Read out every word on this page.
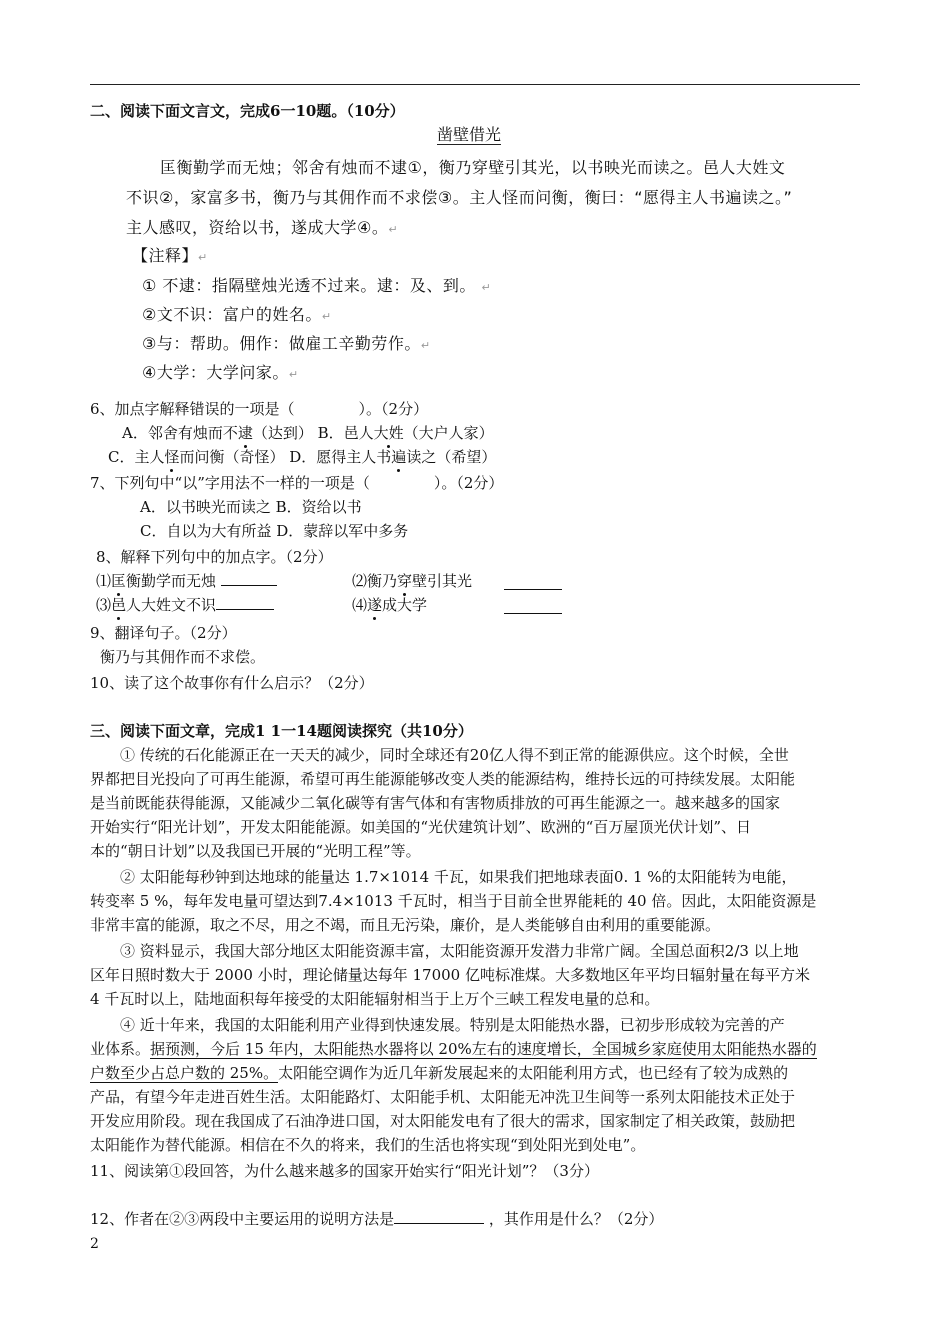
二、阅读下面文言文，完成6一10题。（10分）
凿壁借光
匡衡勤学而无烛；邻舍有烛而不逮①，衡乃穿壁引其光，以书映光而读之。邑人大姓文
不识②，家富多书，衡乃与其佣作而不求偿③。主人怪而问衡，衡曰：“愿得主人书遍读之。”
主人感叹，资给以书，遂成大学④。↵
【注释】↵
① 不逮：指隔壁烛光透不过来。逮：及、到。 ↵
②文不识：富户的姓名。↵
③与：帮助。佣作：做雇工辛勤劳作。↵
④大学：大学问家。↵
6、加点字解释错误的一项是（	）。（2分）
A．邻舍有烛而不逮（达到） B．邑人大姓（大户人家）
C．主人怪而问衡（奇怪） D．愿得主人书遍读之（希望）
7、下列句中“以”字用法不一样的一项是（	）。（2分）
A．以书映光而读之 B．资给以书
C．自以为大有所益 D．蒙辞以军中多务
8、解释下列句中的加点字。（2分）
⑴匡衡勤学而无烛	⑵衡乃穿壁引其光
⑶邑人大姓文不识	⑷遂成大学
9、翻译句子。（2分）
衡乃与其佣作而不求偿。
10、读了这个故事你有什么启示？（2分）
三、阅读下面文章，完成1 1一14题阅读探究（共10分）
① 传统的石化能源正在一天天的减少，同时全球还有20亿人得不到正常的能源供应。这个时候，全世
界都把目光投向了可再生能源，希望可再生能源能够改变人类的能源结构，维持长远的可持续发展。太阳能
是当前既能获得能源，又能减少二氧化碳等有害气体和有害物质排放的可再生能源之一。越来越多的国家
开始实行“阳光计划”，开发太阳能能源。如美国的“光伏建筑计划”、欧洲的“百万屋顶光伏计划”、日
本的“朝日计划”以及我国已开展的“光明工程”等。
② 太阳能每秒钟到达地球的能量达 1.7×1014 千瓦，如果我们把地球表面0. 1 %的太阳能转为电能，
转变率 5 %，每年发电量可望达到7.4×1013 千瓦时，相当于目前全世界能耗的 40 倍。因此，太阳能资源是
非常丰富的能源，取之不尽，用之不竭，而且无污染，廉价，是人类能够自由利用的重要能源。
③ 资料显示，我国大部分地区太阳能资源丰富，太阳能资源开发潜力非常广阔。全国总面积2/3 以上地
区年日照时数大于 2000 小时，理论储量达每年 17000 亿吨标准煤。大多数地区年平均日辐射量在每平方米
4 千瓦时以上，陆地面积每年接受的太阳能辐射相当于上万个三峡工程发电量的总和。
④ 近十年来，我国的太阳能利用产业得到快速发展。特别是太阳能热水器，已初步形成较为完善的产
业体系。据预测，今后 15 年内，太阳能热水器将以 20%左右的速度增长，全国城乡家庭使用太阳能热水器的
户数至少占总户数的 25%。太阳能空调作为近几年新发展起来的太阳能利用方式，也已经有了较为成熟的
产品，有望今年走进百姓生活。太阳能路灯、太阳能手机、太阳能无冲洗卫生间等一系列太阳能技术正处于
开发应用阶段。现在我国成了石油净进口国，对太阳能发电有了很大的需求，国家制定了相关政策，鼓励把
太阳能作为替代能源。相信在不久的将来，我们的生活也将实现“到处阳光到处电”。
11、阅读第①段回答，为什么越来越多的国家开始实行“阳光计划”？（3分）
12、作者在②③两段中主要运用的说明方法是	，其作用是什么？（2分）
2
